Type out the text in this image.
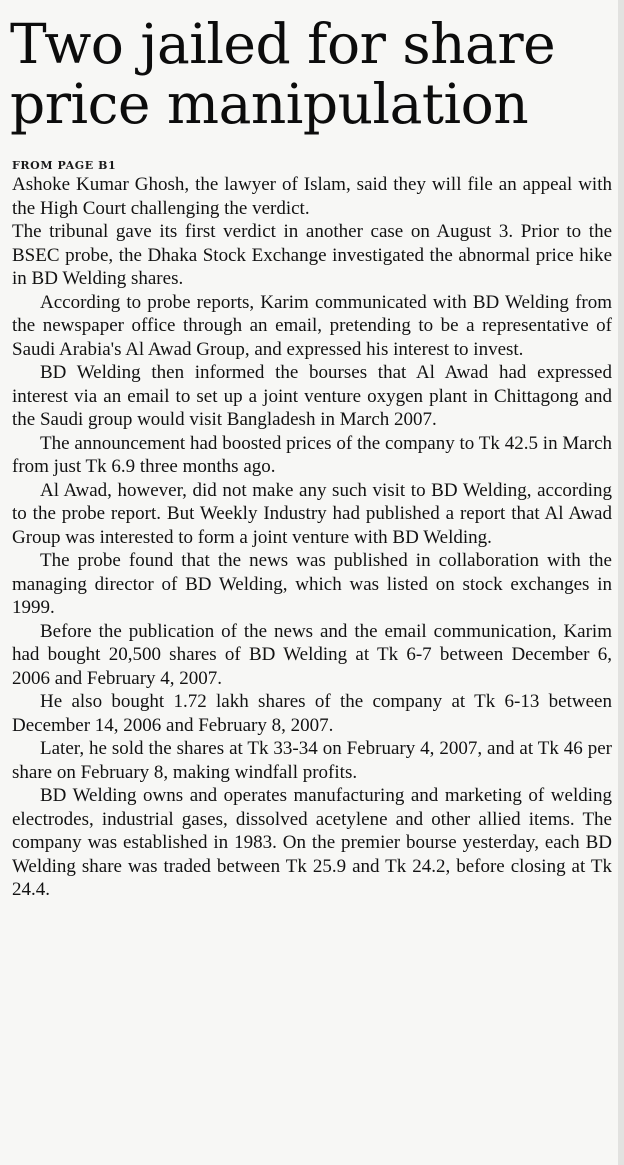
Two jailed for share
price manipulation
FROM PAGE B1

Ashoke Kumar Ghosh, the lawyer of Islam, said they will file an appeal with the High Court challenging the verdict.

The tribunal gave its first verdict in another case on August 3. Prior to the BSEC probe, the Dhaka Stock Exchange investigated the abnormal price hike in BD Welding shares.

According to probe reports, Karim communicated with BD Welding from the newspaper office through an email, pretending to be a representative of Saudi Arabia's Al Awad Group, and expressed his interest to invest.

BD Welding then informed the bourses that Al Awad had expressed interest via an email to set up a joint venture oxygen plant in Chittagong and the Saudi group would visit Bangladesh in March 2007.

The announcement had boosted prices of the company to Tk 42.5 in March from just Tk 6.9 three months ago.

Al Awad, however, did not make any such visit to BD Welding, according to the probe report. But Weekly Industry had published a report that Al Awad Group was interested to form a joint venture with BD Welding.

The probe found that the news was published in collaboration with the managing director of BD Welding, which was listed on stock exchanges in 1999.

Before the publication of the news and the email communication, Karim had bought 20,500 shares of BD Welding at Tk 6-7 between December 6, 2006 and February 4, 2007.

He also bought 1.72 lakh shares of the company at Tk 6-13 between December 14, 2006 and February 8, 2007.

Later, he sold the shares at Tk 33-34 on February 4, 2007, and at Tk 46 per share on February 8, making windfall profits.

BD Welding owns and operates manufacturing and marketing of welding electrodes, industrial gases, dissolved acetylene and other allied items. The company was established in 1983. On the premier bourse yesterday, each BD Welding share was traded between Tk 25.9 and Tk 24.2, before closing at Tk 24.4.
